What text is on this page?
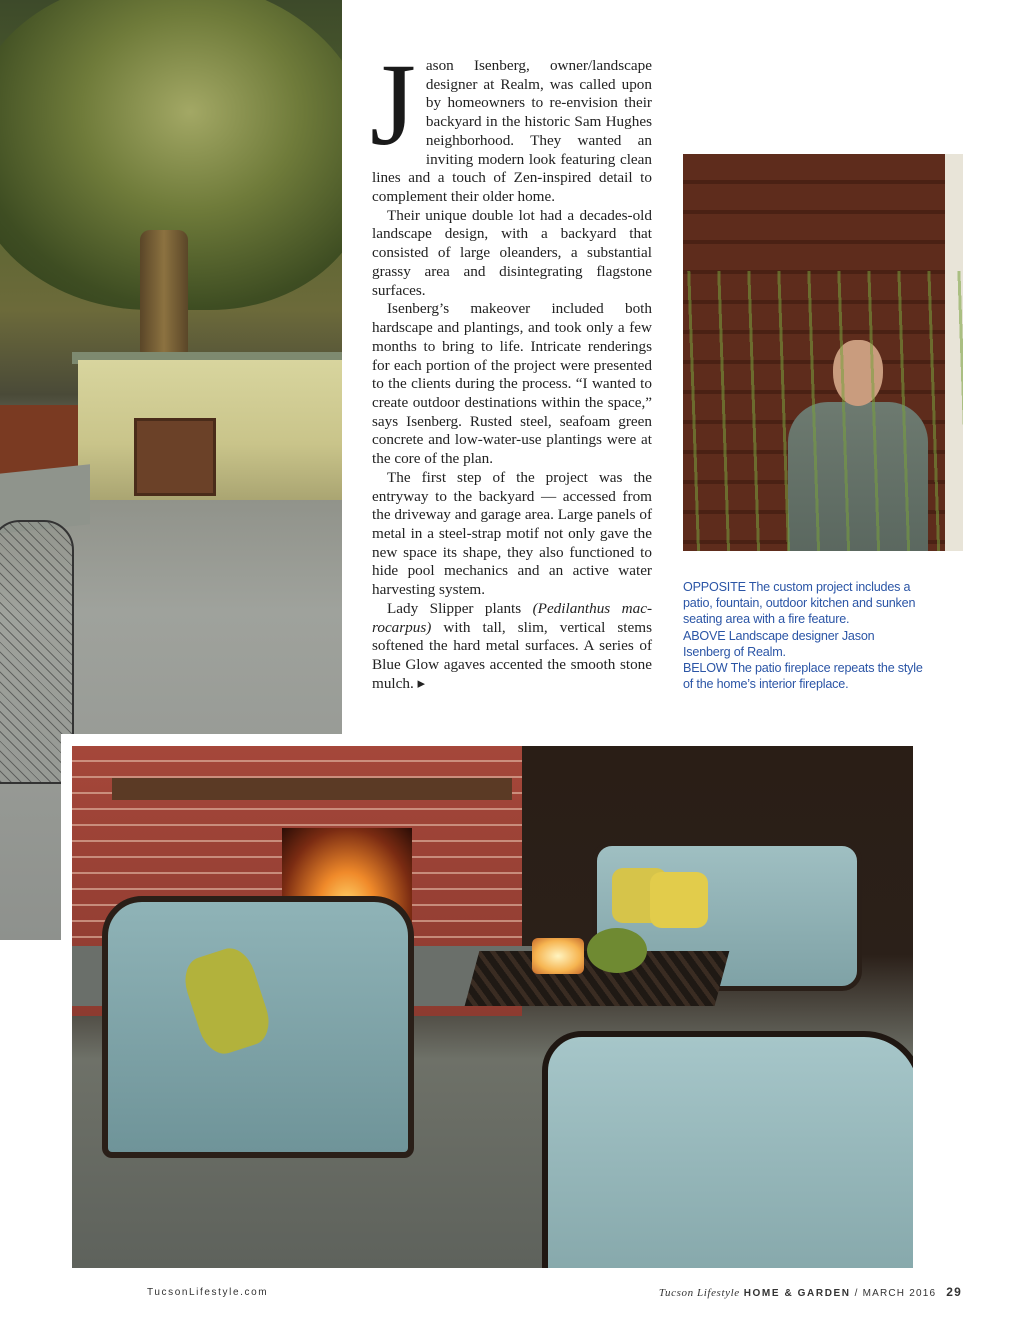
Jason Isenberg, owner/landscape designer at Realm, was called upon by homeowners to re-envision their backyard in the historic Sam Hughes neighborhood. They wanted an inviting modern look featuring clean lines and a touch of Zen-inspired detail to complement their older home.

Their unique double lot had a decades-old landscape design, with a backyard that consisted of large oleanders, a substantial grassy area and disintegrating flagstone surfaces.

Isenberg’s makeover included both hardscape and plantings, and took only a few months to bring to life. Intricate renderings for each portion of the project were presented to the clients during the process. “I wanted to create outdoor destinations within the space,” says Isenberg. Rusted steel, seafoam green concrete and low-water-use plantings were at the core of the plan.

The first step of the project was the entryway to the backyard — accessed from the driveway and garage area. Large panels of metal in a steel-strap motif not only gave the new space its shape, they also functioned to hide pool mechanics and an active water harvesting system.

Lady Slipper plants (Pedilanthus macrocarpus) with tall, slim, vertical stems softened the hard metal surfaces. A series of Blue Glow agaves accented the smooth stone mulch. ▸

OPPOSITE The custom project includes a patio, fountain, outdoor kitchen and sunken seating area with a fire feature.
ABOVE Landscape designer Jason Isenberg of Realm.
BELOW The patio fireplace repeats the style of the home’s interior fireplace.
TucsonLifestyle.com	Tucson Lifestyle HOME & GARDEN / MARCH 2016 29
